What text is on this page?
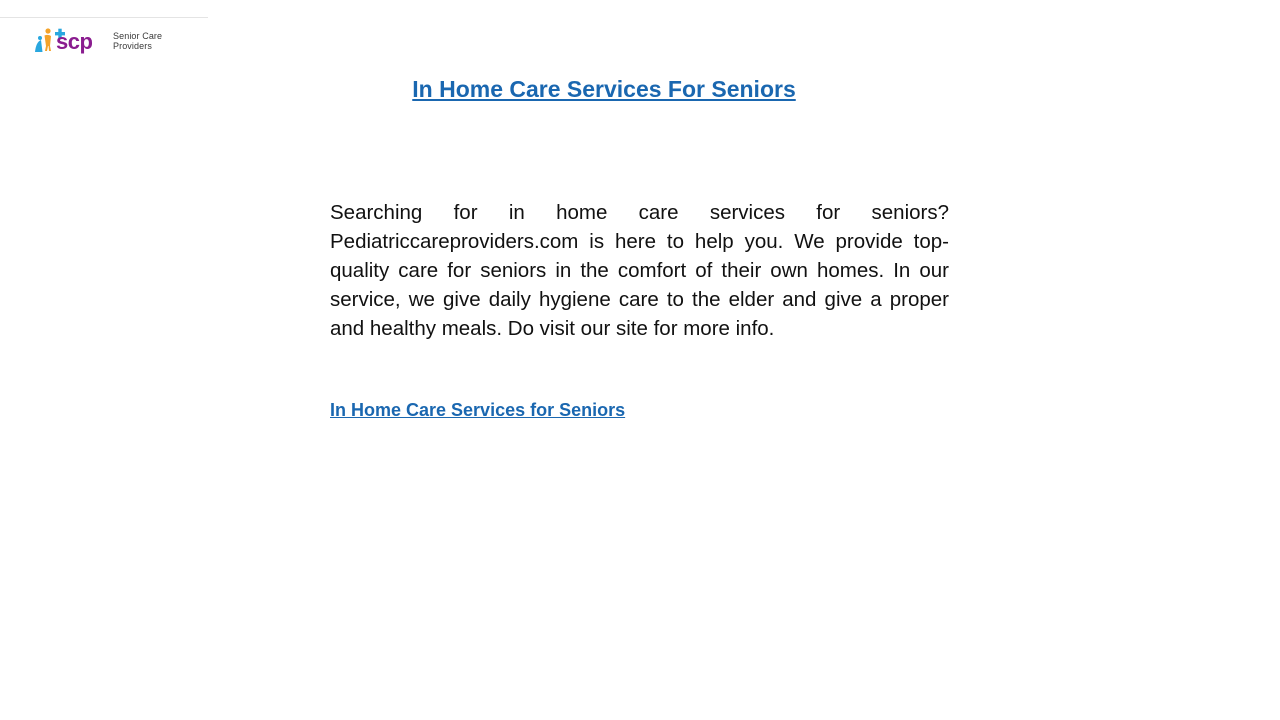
scp Senior Care
Providers
In Home Care Services For Seniors

Searching for in home care services for seniors? Pediatriccareproviders.com is here to help you. We provide top-quality care for seniors in the comfort of their own homes. In our service, we give daily hygiene care to the elder and give a proper and healthy meals. Do visit our site for more info.

In Home Care Services for Seniors
